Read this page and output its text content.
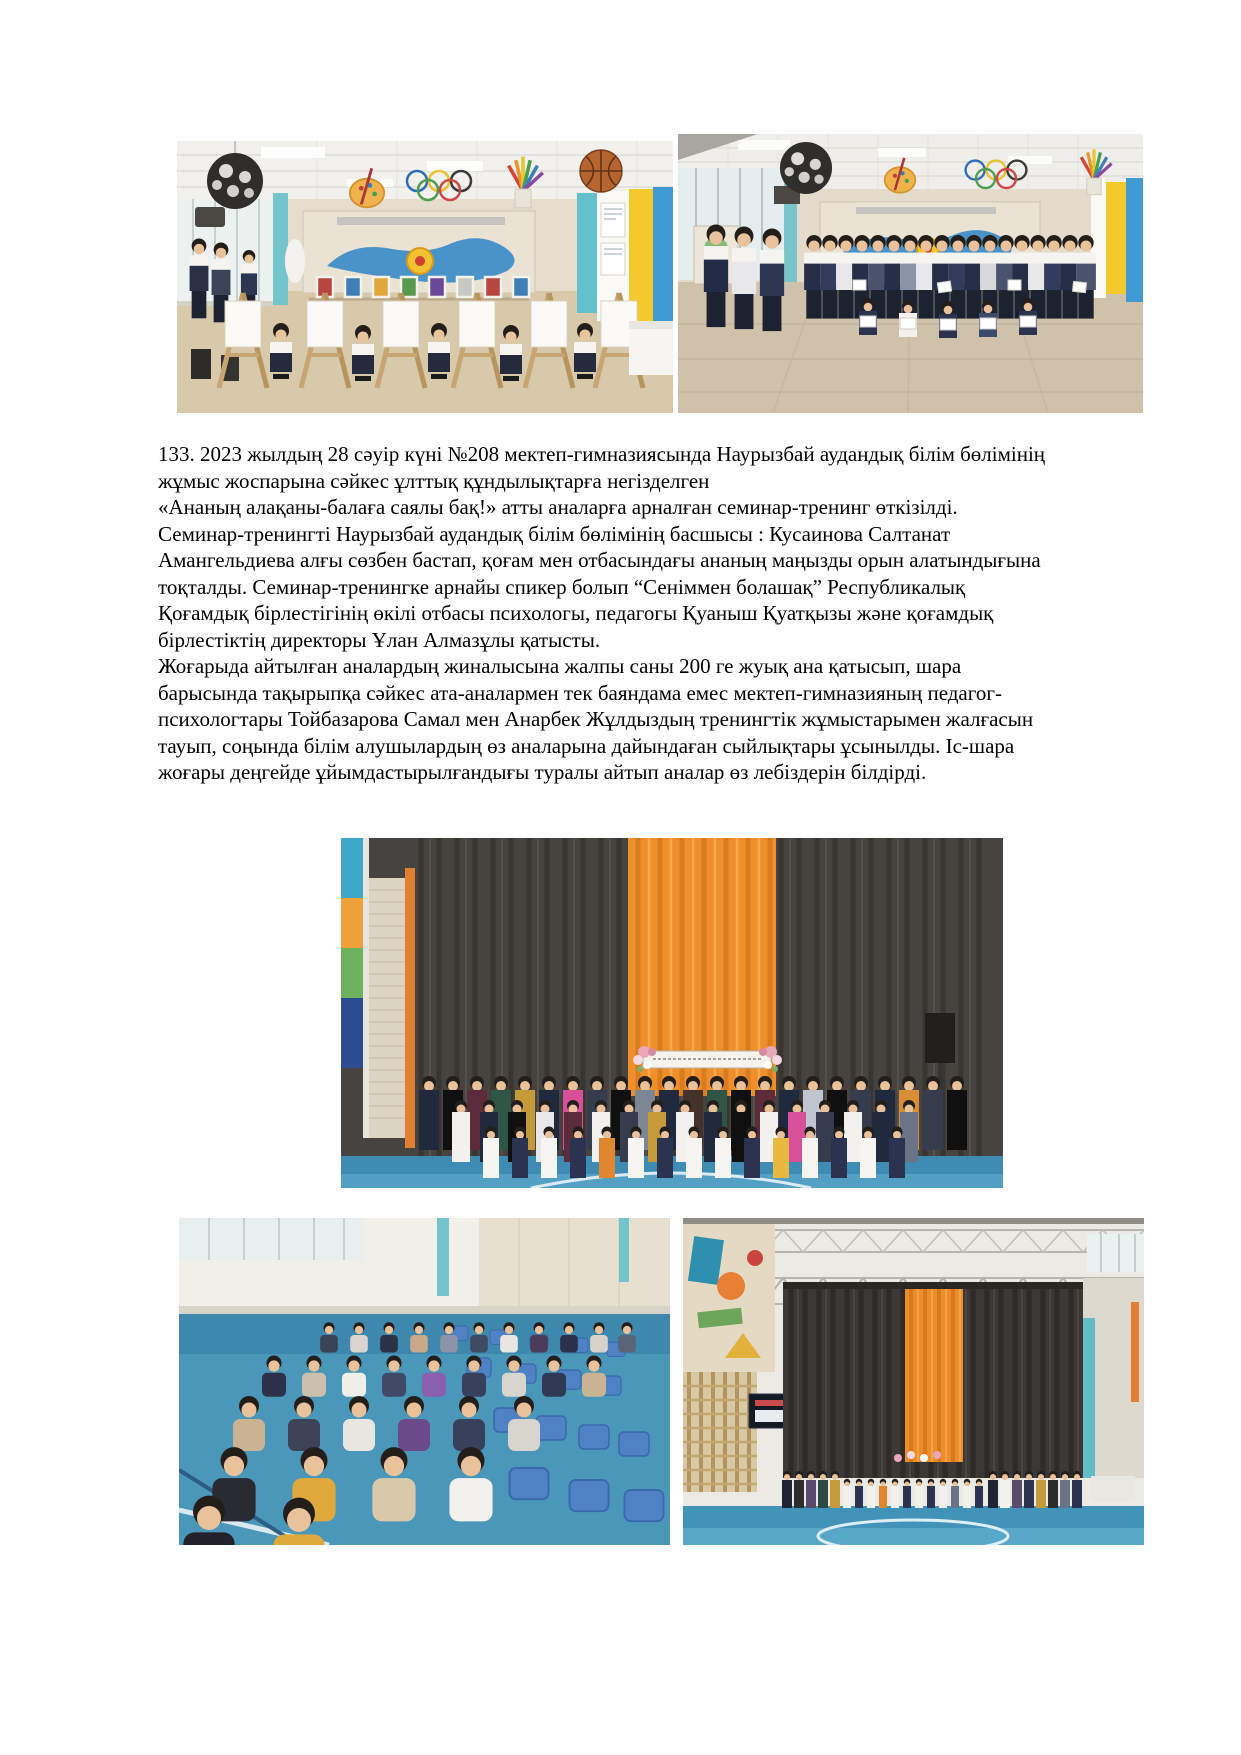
133. 2023 жылдың 28 сәуір күні №208 мектеп-гимназиясында Наурызбай аудандық білім бөлімінің
жұмыс жоспарына сәйкес ұлттық құндылықтарға негізделген
«Ананың алақаны-балаға саялы бақ!» атты аналарға арналған семинар-тренинг өткізілді.
Семинар-тренингті Наурызбай аудандық білім бөлімінің басшысы : Кусаинова Салтанат
Амангельдиева алғы сөзбен бастап, қоғам мен отбасындағы ананың маңызды орын алатындығына
тоқталды. Семинар-тренингке арнайы спикер болып “Сеніммен болашақ” Республикалық
Қоғамдық бірлестігінің өкілі отбасы психологы, педагогы Қуаныш Қуатқызы және қоғамдық
бірлестіктің директоры Ұлан Алмазұлы қатысты.
Жоғарыда айтылған аналардың жиналысына жалпы саны 200 ге жуық ана қатысып, шара
барысында тақырыпқа сәйкес ата-аналармен тек баяндама емес мектеп-гимназияның педагог-
психологтары Тойбазарова Самал мен Анарбек Жұлдыздың тренингтік жұмыстарымен жалғасын
тауып, соңында білім алушылардың өз аналарына дайындаған сыйлықтары ұсынылды. Іс-шара
жоғары деңгейде ұйымдастырылғандығы туралы айтып аналар өз лебіздерін білдірді.
